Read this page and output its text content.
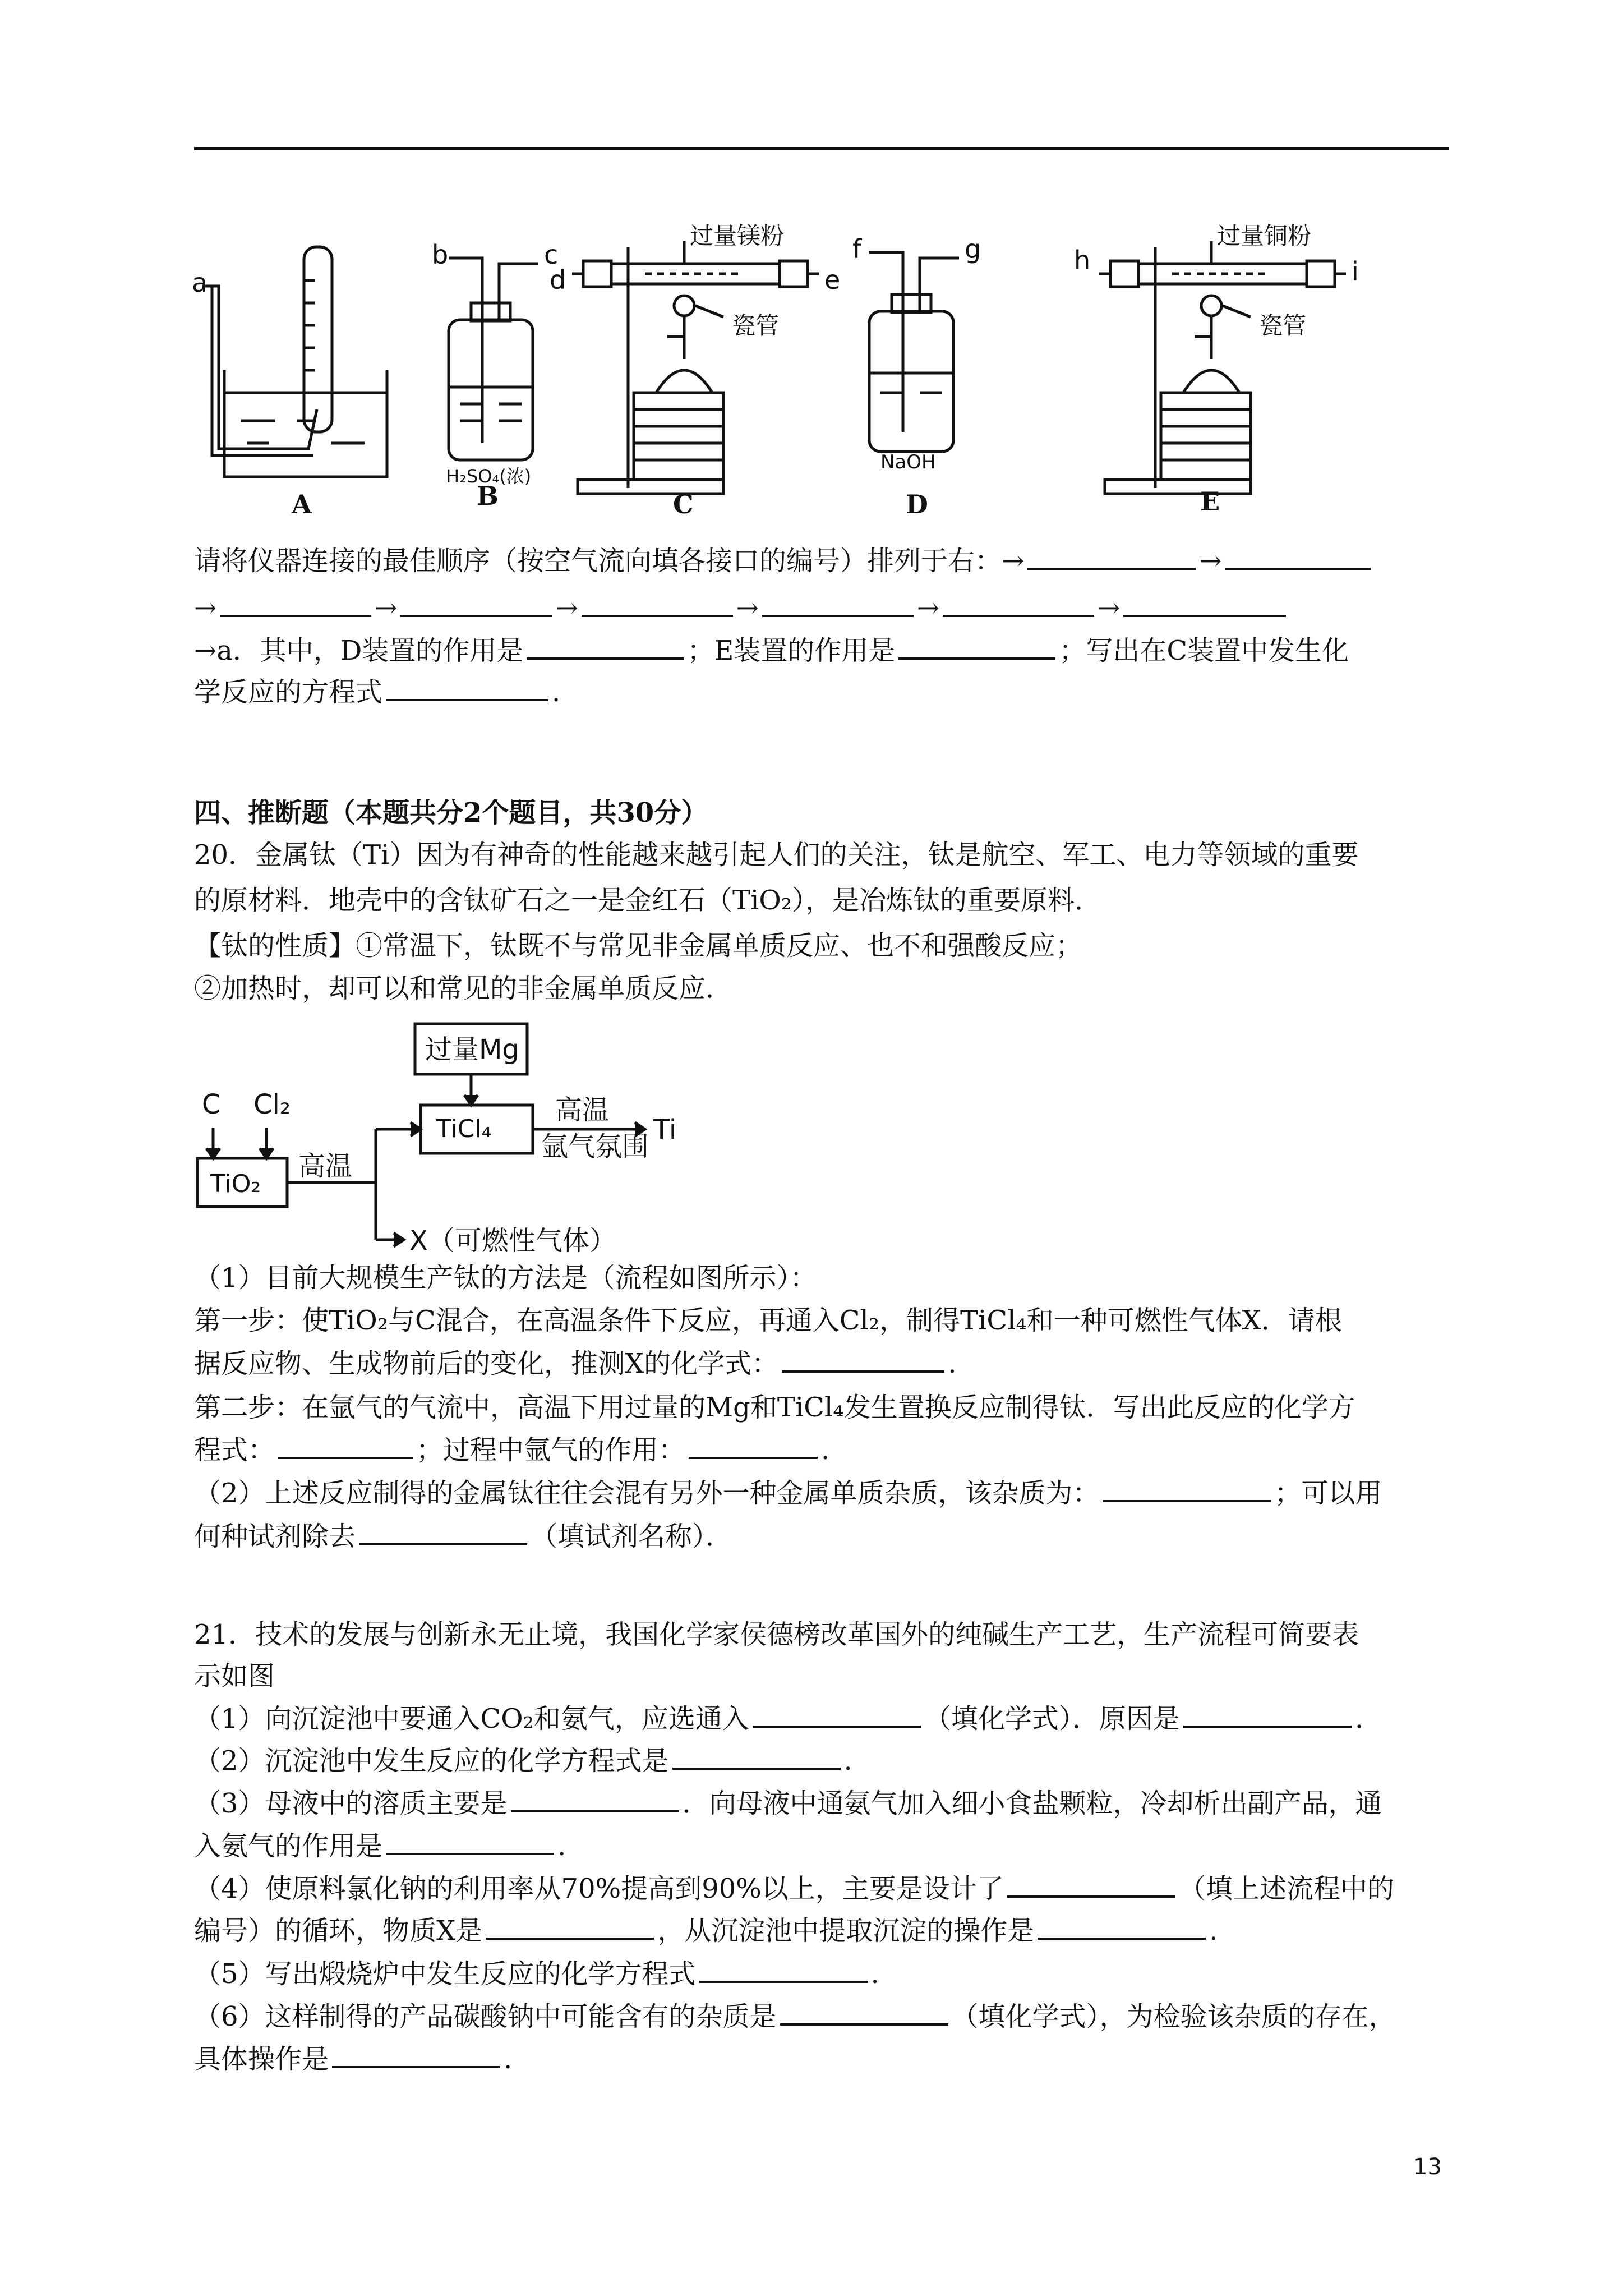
a
b	c
d	e
f	g	h	i
过量镁粉	过量铜粉
瓷管	瓷管
H₂SO₄(浓)
NaOH
A	B	C	D	E
请将仪器连接的最佳顺序（按空气流向填各接口的编号）排列于右：→	→
→	→	→	→	→	→
→a．其中，D装置的作用是	；E装置的作用是	；写出在C装置中发生化
学反应的方程式	.
四、推断题（本题共分2个题目，共30分）
20．金属钛（Ti）因为有神奇的性能越来越引起人们的关注，钛是航空、军工、电力等领域的重要
的原材料．地壳中的含钛矿石之一是金红石（TiO₂），是冶炼钛的重要原料．
【钛的性质】①常温下，钛既不与常见非金属单质反应、也不和强酸反应；
②加热时，却可以和常见的非金属单质反应．
过量Mg
C Cl₂
TiO₂
高温
TiCl₄
高温
氩气氛围
Ti
X（可燃性气体）
（1）目前大规模生产钛的方法是（流程如图所示）：
第一步：使TiO₂与C混合，在高温条件下反应，再通入Cl₂，制得TiCl₄和一种可燃性气体X．请根
据反应物、生成物前后的变化，推测X的化学式：	.
第二步：在氩气的气流中，高温下用过量的Mg和TiCl₄发生置换反应制得钛．写出此反应的化学方
程式：	；过程中氩气的作用：	.
（2）上述反应制得的金属钛往往会混有另外一种金属单质杂质，该杂质为：	；可以用
何种试剂除去	（填试剂名称）．
21．技术的发展与创新永无止境，我国化学家侯德榜改革国外的纯碱生产工艺，生产流程可简要表
示如图
（1）向沉淀池中要通入CO₂和氨气，应选通入	（填化学式）．原因是	.
（2）沉淀池中发生反应的化学方程式是	.
（3）母液中的溶质主要是	．向母液中通氨气加入细小食盐颗粒，冷却析出副产品，通
入氨气的作用是	.
（4）使原料氯化钠的利用率从70%提高到90%以上，主要是设计了	（填上述流程中的
编号）的循环，物质X是	，从沉淀池中提取沉淀的操作是	.
（5）写出煅烧炉中发生反应的化学方程式	.
（6）这样制得的产品碳酸钠中可能含有的杂质是	（填化学式），为检验该杂质的存在，
具体操作是	.
13
